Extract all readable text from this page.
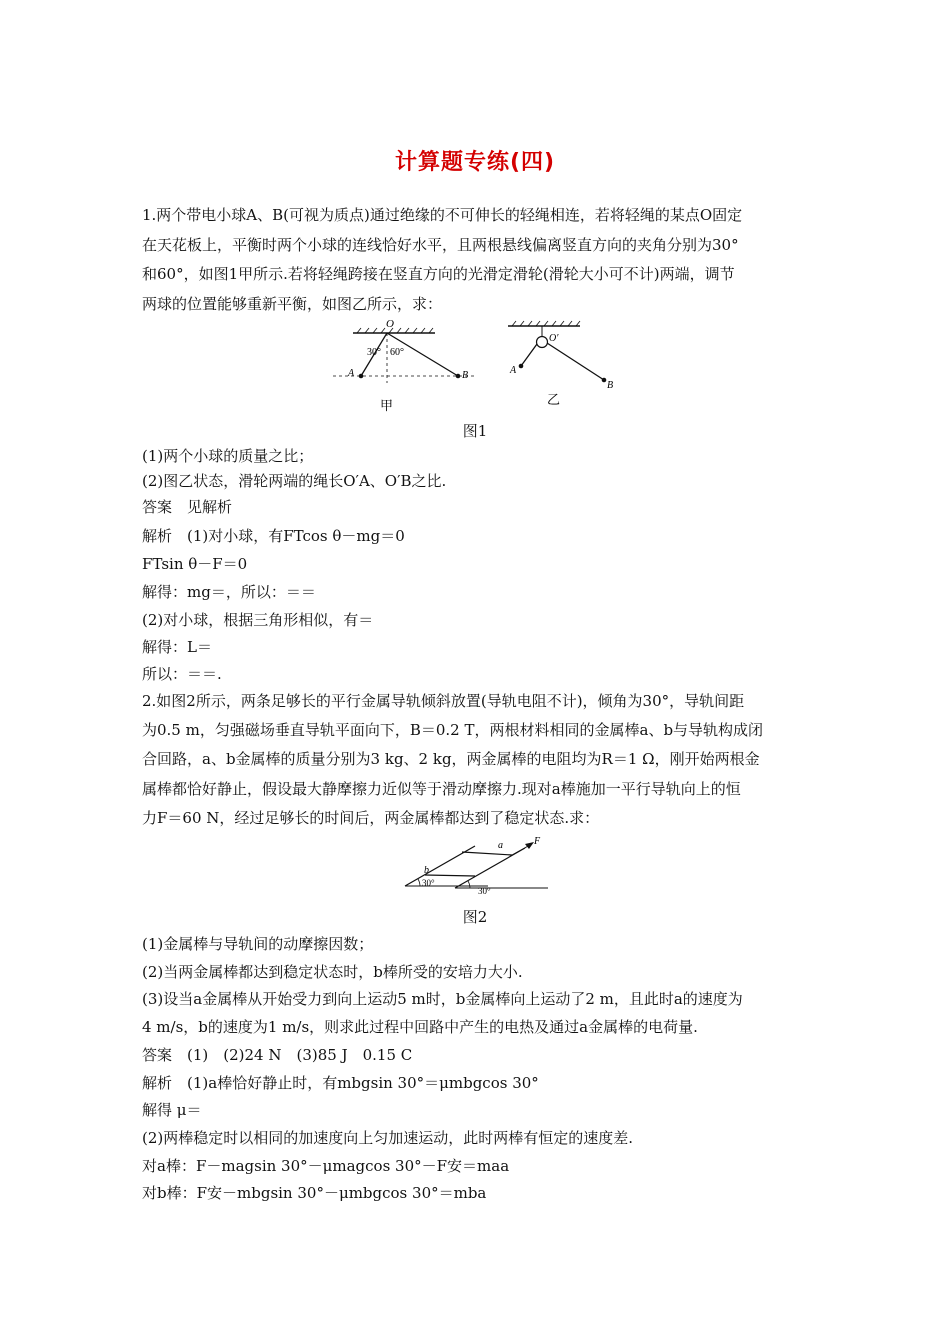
计算题专练(四)
1.两个带电小球A、B(可视为质点)通过绝缘的不可伸长的轻绳相连，若将轻绳的某点O固定
在天花板上，平衡时两个小球的连线恰好水平，且两根悬线偏离竖直方向的夹角分别为30°
和60°，如图1甲所示.若将轻绳跨接在竖直方向的光滑定滑轮(滑轮大小可不计)两端，调节
两球的位置能够重新平衡，如图乙所示，求：
O
30° 60°
A	B
甲
O′
A
B
乙
图1
(1)两个小球的质量之比；
(2)图乙状态，滑轮两端的绳长O′A、O′B之比.
答案　见解析
解析　(1)对小球，有FTcos θ－mg＝0
FTsin θ－F＝0
解得：mg＝，所以：＝＝
(2)对小球，根据三角形相似，有＝
解得：L＝
所以：＝＝.
2.如图2所示，两条足够长的平行金属导轨倾斜放置(导轨电阻不计)，倾角为30°，导轨间距
为0.5 m，匀强磁场垂直导轨平面向下，B＝0.2 T，两根材料相同的金属棒a、b与导轨构成闭
合回路，a、b金属棒的质量分别为3 kg、2 kg，两金属棒的电阻均为R＝1 Ω，刚开始两根金
属棒都恰好静止，假设最大静摩擦力近似等于滑动摩擦力.现对a棒施加一平行导轨向上的恒
力F＝60 N，经过足够长的时间后，两金属棒都达到了稳定状态.求：
F
a
b
30°
30°
图2
(1)金属棒与导轨间的动摩擦因数；
(2)当两金属棒都达到稳定状态时，b棒所受的安培力大小.
(3)设当a金属棒从开始受力到向上运动5 m时，b金属棒向上运动了2 m，且此时a的速度为
4 m/s，b的速度为1 m/s，则求此过程中回路中产生的电热及通过a金属棒的电荷量.
答案　(1)　(2)24 N　(3)85 J　0.15 C
解析　(1)a棒恰好静止时，有mbgsin 30°＝μmbgcos 30°
解得 μ＝
(2)两棒稳定时以相同的加速度向上匀加速运动，此时两棒有恒定的速度差.
对a棒：F－magsin 30°－μmagcos 30°－F安＝maa
对b棒：F安－mbgsin 30°－μmbgcos 30°＝mba
